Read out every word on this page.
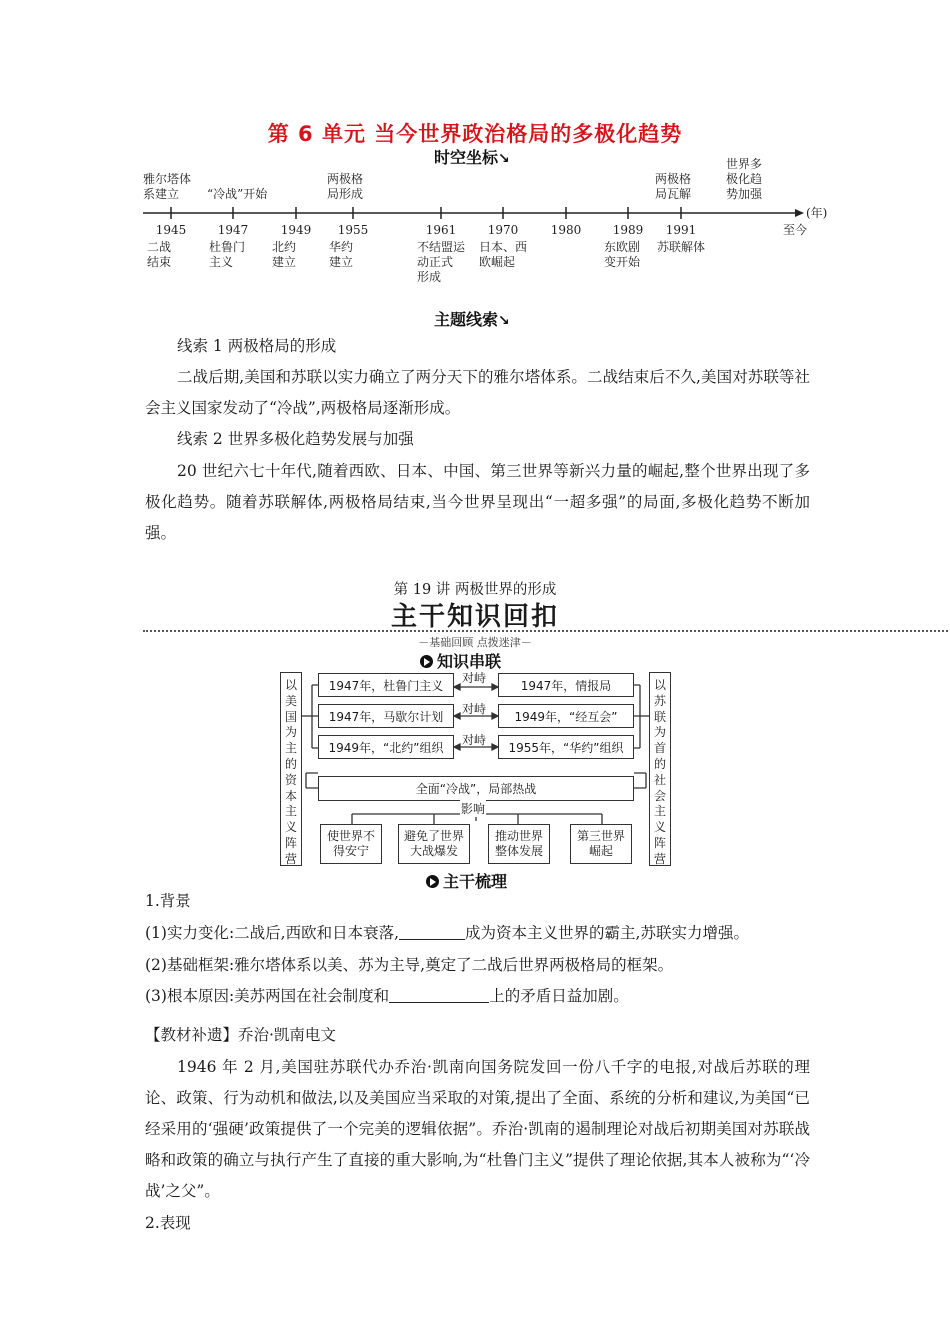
第 6 单元 当今世界政治格局的多极化趋势
时空坐标↘
(年)
至今
1945
二战
结束
雅尔塔体
系建立
1947
杜鲁门
主义
“冷战”开始
1949
北约
建立
1955
华约
建立
两极格
局形成
1961
不结盟运
动正式
形成
1970
日本、西
欧崛起
1980	1989
东欧剧
变开始
1991
苏联解体
两极格
局瓦解
世界多
极化趋
势加强
主题线索↘
线索 1 两极格局的形成
二战后期,美国和苏联以实力确立了两分天下的雅尔塔体系。二战结束后不久,美国对苏联等社会主义国家发动了“冷战”,两极格局逐渐形成。
线索 2 世界多极化趋势发展与加强
20 世纪六七十年代,随着西欧、日本、中国、第三世界等新兴力量的崛起,整个世界出现了多极化趋势。随着苏联解体,两极格局结束,当今世界呈现出“一超多强”的局面,多极化趋势不断加强。
第 19 讲 两极世界的形成
主干知识回扣
－基础回顾 点拨迷津－
知识串联
以美国为主的资本主义阵营
以苏联为首的社会主义阵营
1947年，杜鲁门主义
对峙
1947年，情报局
1947年，马歇尔计划
对峙
1949年，“经互会”
1949年，“北约”组织
对峙
1955年，“华约”组织
全面“冷战”，局部热战
影响
使世界不
得安宁
避免了世界
大战爆发
推动世界
整体发展
第三世界
崛起
主干梳理
1.背景
(1)实力变化:二战后,西欧和日本衰落,	成为资本主义世界的霸主,苏联实力增强。
(2)基础框架:雅尔塔体系以美、苏为主导,奠定了二战后世界两极格局的框架。
(3)根本原因:美苏两国在社会制度和	上的矛盾日益加剧。
【教材补遗】乔治·凯南电文
1946 年 2 月,美国驻苏联代办乔治·凯南向国务院发回一份八千字的电报,对战后苏联的理论、政策、行为动机和做法,以及美国应当采取的对策,提出了全面、系统的分析和建议,为美国“已经采用的‘强硬’政策提供了一个完美的逻辑依据”。乔治·凯南的遏制理论对战后初期美国对苏联战略和政策的确立与执行产生了直接的重大影响,为“杜鲁门主义”提供了理论依据,其本人被称为“‘冷战’之父”。
2.表现
